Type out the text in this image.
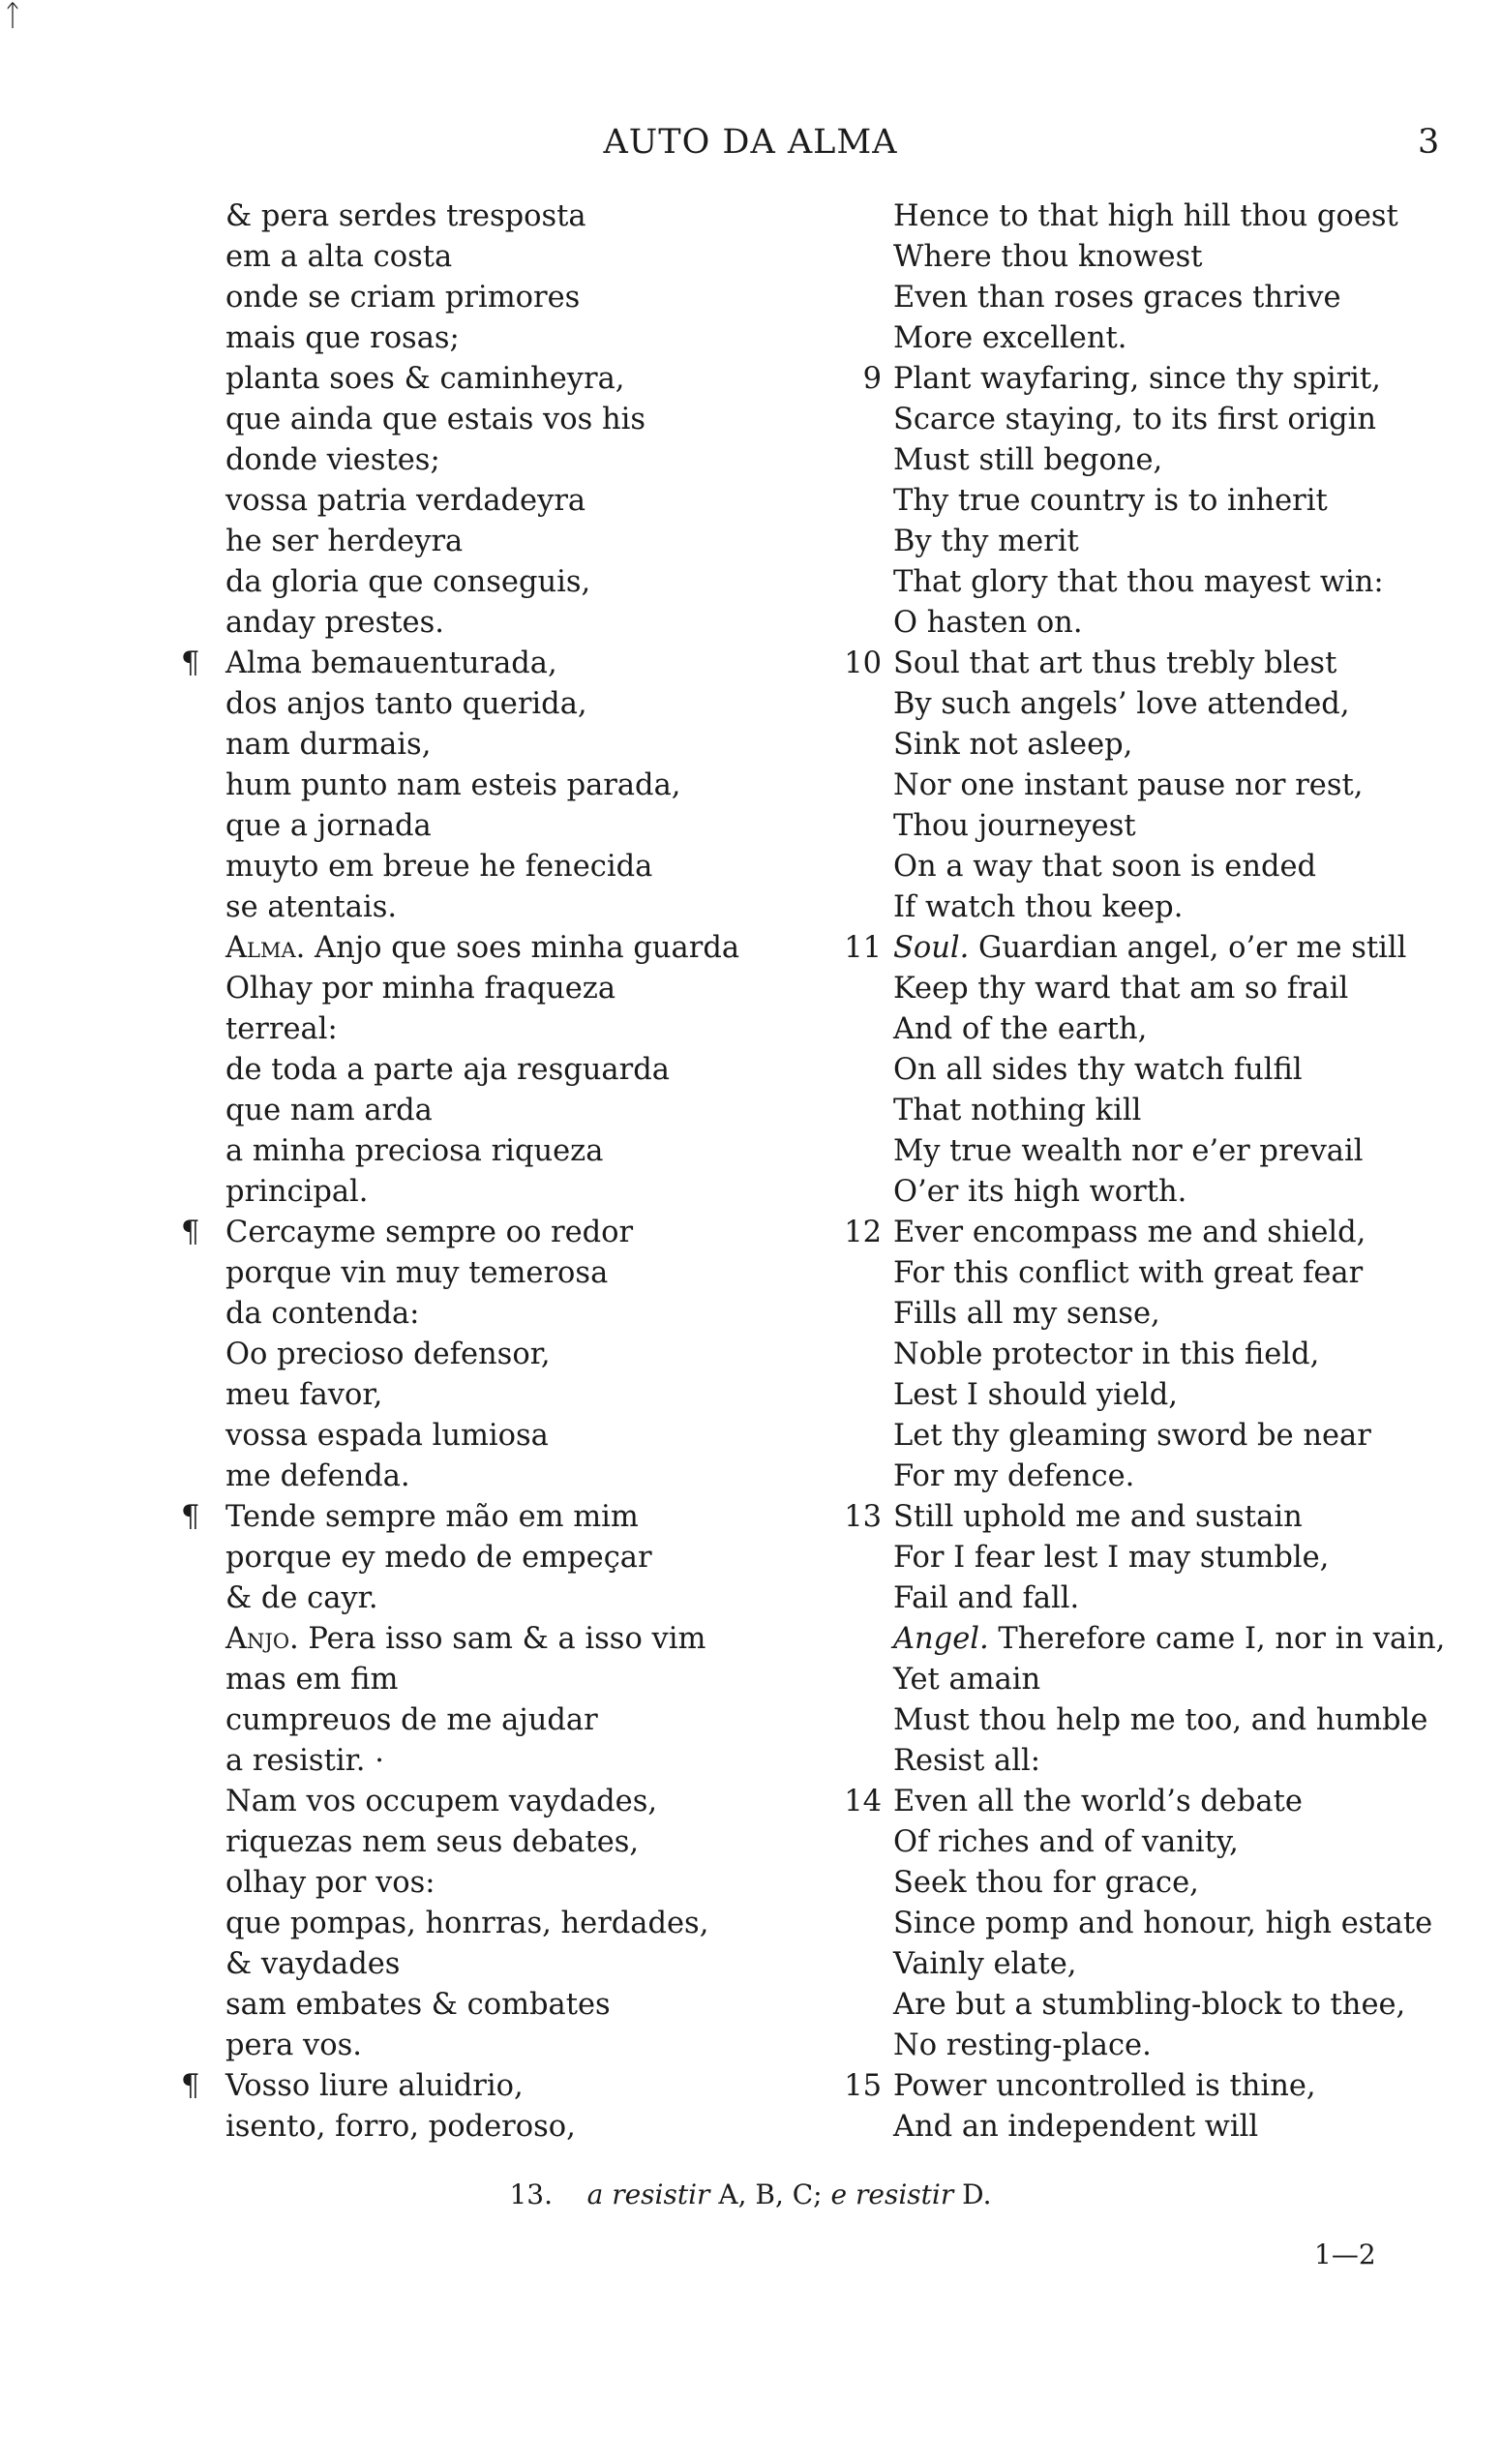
ᛏ
AUTO DA ALMA	3
& pera serdes tresposta
em a alta costa
onde se criam primores
mais que rosas;
planta soes & caminheyra,
que ainda que estais vos his
donde viestes;
vossa patria verdadeyra
he ser herdeyra
da gloria que conseguis,
anday prestes.
¶ Alma bemauenturada,
dos anjos tanto querida,
nam durmais,
hum punto nam esteis parada,
que a jornada
muyto em breue he fenecida
se atentais.
Alma. Anjo que soes minha guarda
Olhay por minha fraqueza
terreal:
de toda a parte aja resguarda
que nam arda
a minha preciosa riqueza
principal.
¶ Cercayme sempre oo redor
porque vin muy temerosa
da contenda:
Oo precioso defensor,
meu favor,
vossa espada lumiosa
me defenda.
¶ Tende sempre mão em mim
porque ey medo de empeçar
& de cayr.
Anjo. Pera isso sam & a isso vim
mas em fim
cumpreuos de me ajudar
a resistir. ·
Nam vos occupem vaydades,
riquezas nem seus debates,
olhay por vos:
que pompas, honrras, herdades,
& vaydades
sam embates & combates
pera vos.
¶ Vosso liure aluidrio,
isento, forro, poderoso,
Hence to that high hill thou goest
Where thou knowest
Even than roses graces thrive
More excellent.
9 Plant wayfaring, since thy spirit,
Scarce staying, to its first origin
Must still begone,
Thy true country is to inherit
By thy merit
That glory that thou mayest win:
O hasten on.
10 Soul that art thus trebly blest
By such angels’ love attended,
Sink not asleep,
Nor one instant pause nor rest,
Thou journeyest
On a way that soon is ended
If watch thou keep.
11 Soul. Guardian angel, o’er me still
Keep thy ward that am so frail
And of the earth,
On all sides thy watch fulfil
That nothing kill
My true wealth nor e’er prevail
O’er its high worth.
12 Ever encompass me and shield,
For this conflict with great fear
Fills all my sense,
Noble protector in this field,
Lest I should yield,
Let thy gleaming sword be near
For my defence.
13 Still uphold me and sustain
For I fear lest I may stumble,
Fail and fall.
Angel. Therefore came I, nor in vain,
Yet amain
Must thou help me too, and humble
Resist all:
14 Even all the world’s debate
Of riches and of vanity,
Seek thou for grace,
Since pomp and honour, high estate
Vainly elate,
Are but a stumbling-block to thee,
No resting-place.
15 Power uncontrolled is thine,
And an independent will
13. a resistir A, B, C; e resistir D.
1—2
